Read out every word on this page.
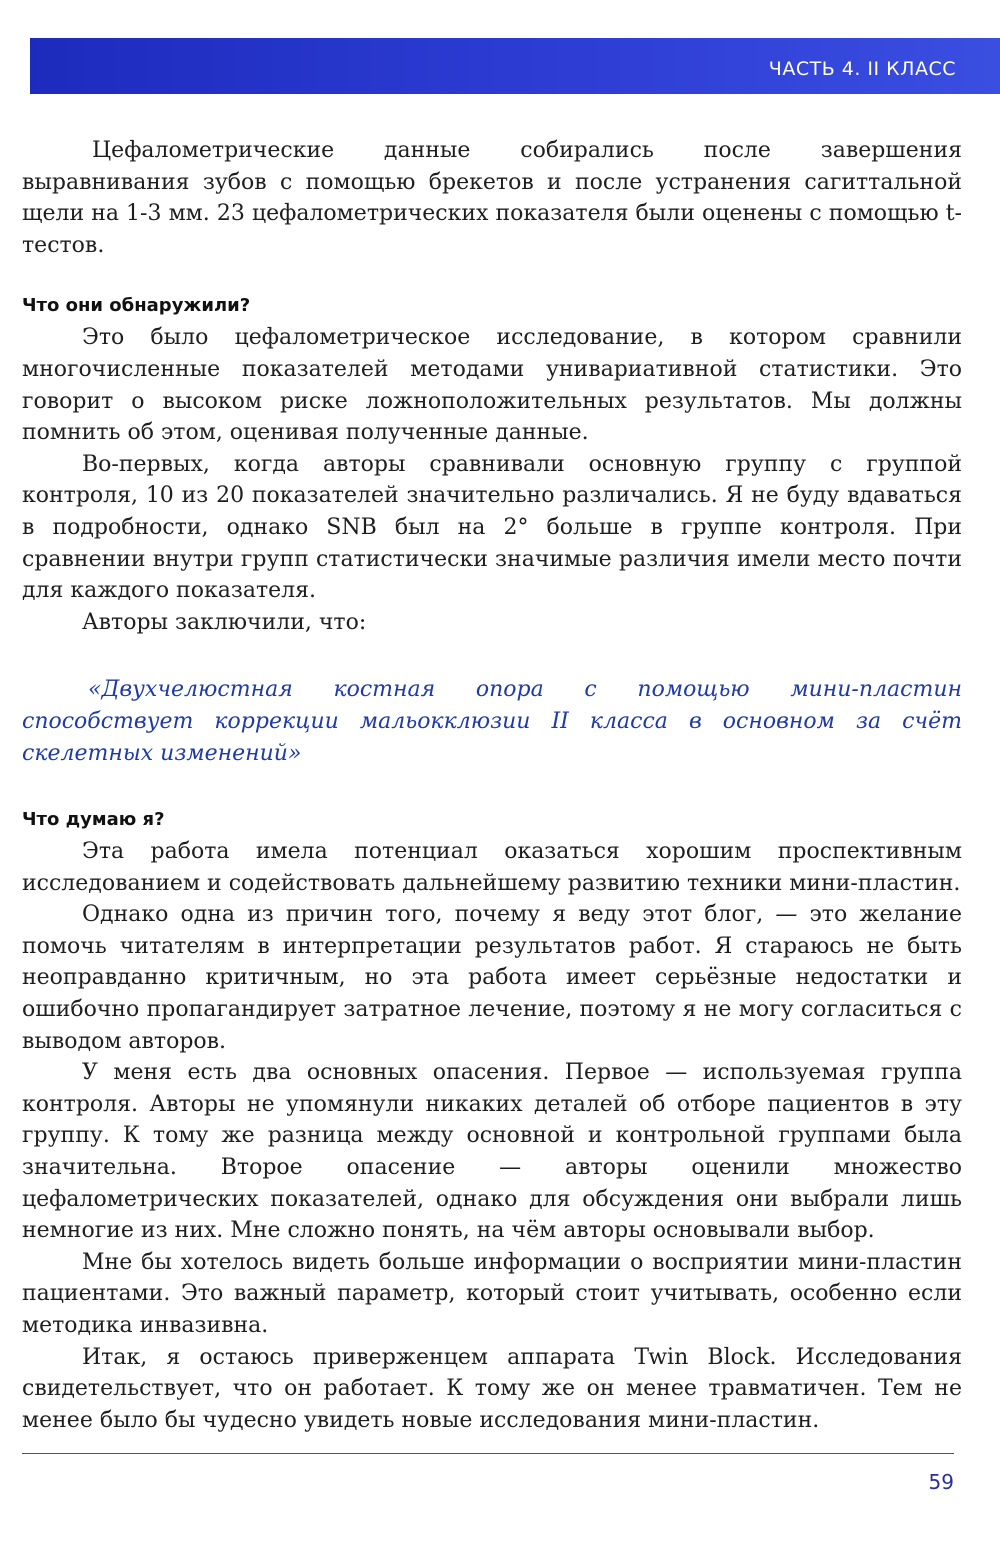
ЧАСТЬ 4. II КЛАСС

Цефалометрические данные собирались после завершения выравнивания зубов с помощью брекетов и после устранения сагиттальной щели на 1-3 мм. 23 цефалометрических показателя были оценены с помощью t-тестов.

Что они обнаружили?

Это было цефалометрическое исследование, в котором сравнили многочисленные показателей методами унивариативной статистики. Это говорит о высоком риске ложноположительных результатов. Мы должны помнить об этом, оценивая полученные данные.

Во-первых, когда авторы сравнивали основную группу с группой контроля, 10 из 20 показателей значительно различались. Я не буду вдаваться в подробности, однако SNB был на 2° больше в группе контроля. При сравнении внутри групп статистически значимые различия имели место почти для каждого показателя.

Авторы заключили, что:

«Двухчелюстная костная опора с помощью мини-пластин способствует коррекции мальокклюзии II класса в основном за счёт скелетных изменений»
Что думаю я?

Эта работа имела потенциал оказаться хорошим проспективным исследованием и содействовать дальнейшему развитию техники мини-пластин.

Однако одна из причин того, почему я веду этот блог, — это желание помочь читателям в интерпретации результатов работ. Я стараюсь не быть неоправданно критичным, но эта работа имеет серьёзные недостатки и ошибочно пропагандирует затратное лечение, поэтому я не могу согласиться с выводом авторов.

У меня есть два основных опасения. Первое — используемая группа контроля. Авторы не упомянули никаких деталей об отборе пациентов в эту группу. К тому же разница между основной и контрольной группами была значительна. Второе опасение — авторы оценили множество цефалометрических показателей, однако для обсуждения они выбрали лишь немногие из них. Мне сложно понять, на чём авторы основывали выбор.

Мне бы хотелось видеть больше информации о восприятии мини-пластин пациентами. Это важный параметр, который стоит учитывать, особенно если методика инвазивна.

Итак, я остаюсь приверженцем аппарата Twin Block. Исследования свидетельствует, что он работает. К тому же он менее травматичен. Тем не менее было бы чудесно увидеть новые исследования мини-пластин.

59
